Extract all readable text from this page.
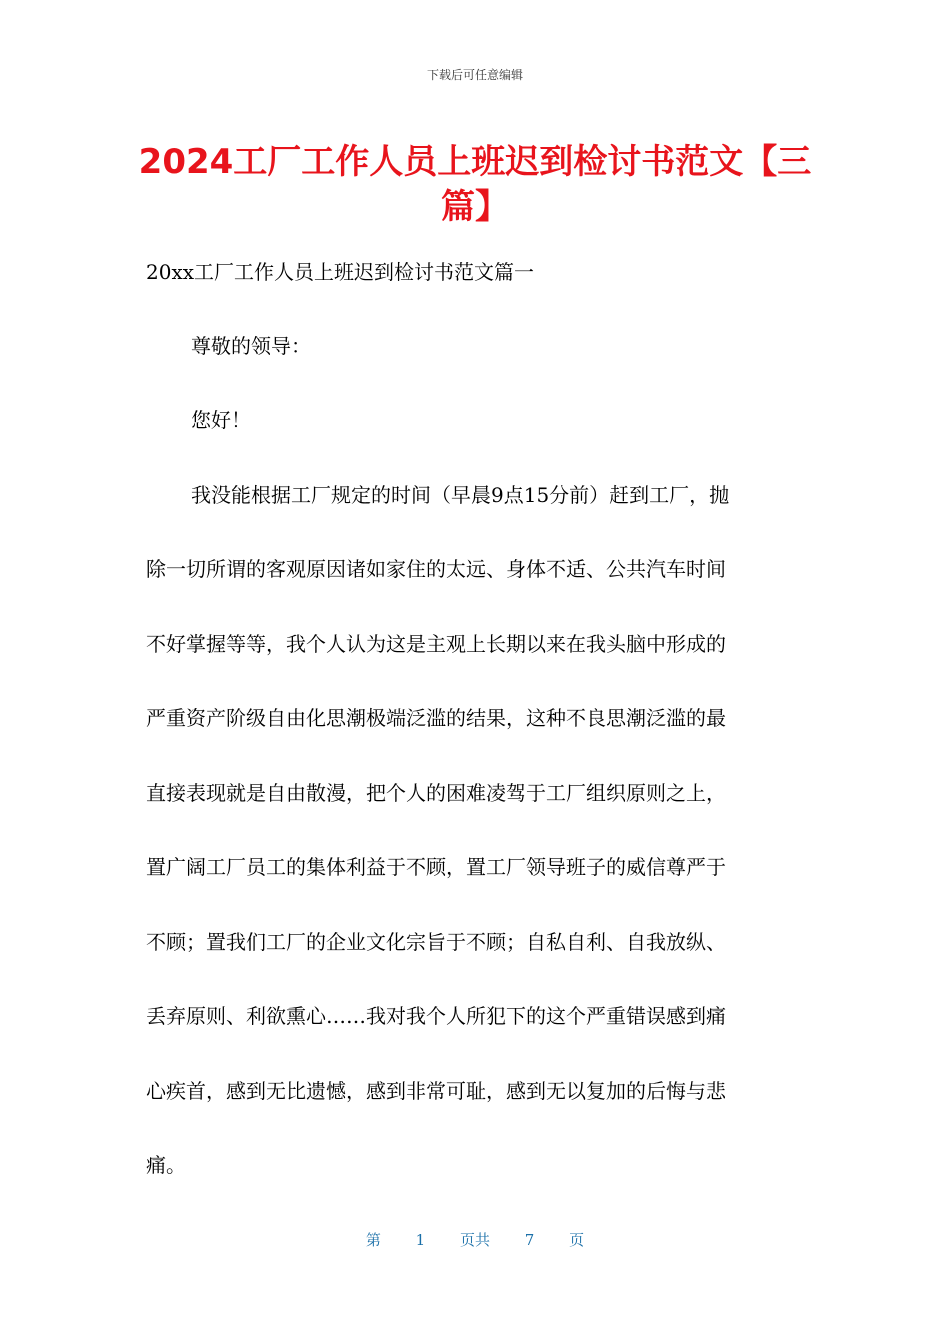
下载后可任意编辑
2024工厂工作人员上班迟到检讨书范文【三篇】

20xx工厂工作人员上班迟到检讨书范文篇一

尊敬的领导：

您好！

我没能根据工厂规定的时间（早晨9点15分前）赶到工厂，抛

除一切所谓的客观原因诸如家住的太远、身体不适、公共汽车时间

不好掌握等等，我个人认为这是主观上长期以来在我头脑中形成的

严重资产阶级自由化思潮极端泛滥的结果，这种不良思潮泛滥的最

直接表现就是自由散漫，把个人的困难凌驾于工厂组织原则之上，

置广阔工厂员工的集体利益于不顾，置工厂领导班子的威信尊严于

不顾；置我们工厂的企业文化宗旨于不顾；自私自利、自我放纵、

丢弃原则、利欲熏心……我对我个人所犯下的这个严重错误感到痛

心疾首，感到无比遗憾，感到非常可耻，感到无以复加的后悔与悲

痛。

第 1 页共 7 页
